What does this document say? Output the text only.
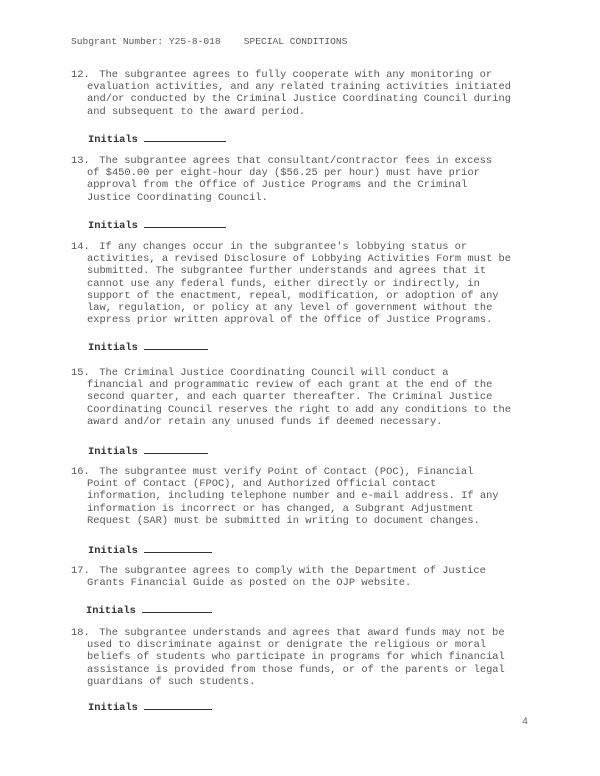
Subgrant Number: Y25-8-018 SPECIAL CONDITIONS
12. The subgrantee agrees to fully cooperate with any monitoring or
evaluation activities, and any related training activities initiated
and/or conducted by the Criminal Justice Coordinating Council during
and subsequent to the award period.
Initials
13. The subgrantee agrees that consultant/contractor fees in excess
of $450.00 per eight-hour day ($56.25 per hour) must have prior
approval from the Office of Justice Programs and the Criminal
Justice Coordinating Council.
Initials
14. If any changes occur in the subgrantee's lobbying status or
activities, a revised Disclosure of Lobbying Activities Form must be
submitted. The subgrantee further understands and agrees that it
cannot use any federal funds, either directly or indirectly, in
support of the enactment, repeal, modification, or adoption of any
law, regulation, or policy at any level of government without the
express prior written approval of the Office of Justice Programs.
Initials
15. The Criminal Justice Coordinating Council will conduct a
financial and programmatic review of each grant at the end of the
second quarter, and each quarter thereafter. The Criminal Justice
Coordinating Council reserves the right to add any conditions to the
award and/or retain any unused funds if deemed necessary.
Initials
16. The subgrantee must verify Point of Contact (POC), Financial
Point of Contact (FPOC), and Authorized Official contact
information, including telephone number and e-mail address. If any
information is incorrect or has changed, a Subgrant Adjustment
Request (SAR) must be submitted in writing to document changes.
Initials
17. The subgrantee agrees to comply with the Department of Justice
Grants Financial Guide as posted on the OJP website.
Initials
18. The subgrantee understands and agrees that award funds may not be
used to discriminate against or denigrate the religious or moral
beliefs of students who participate in programs for which financial
assistance is provided from those funds, or of the parents or legal
guardians of such students.
Initials
4
